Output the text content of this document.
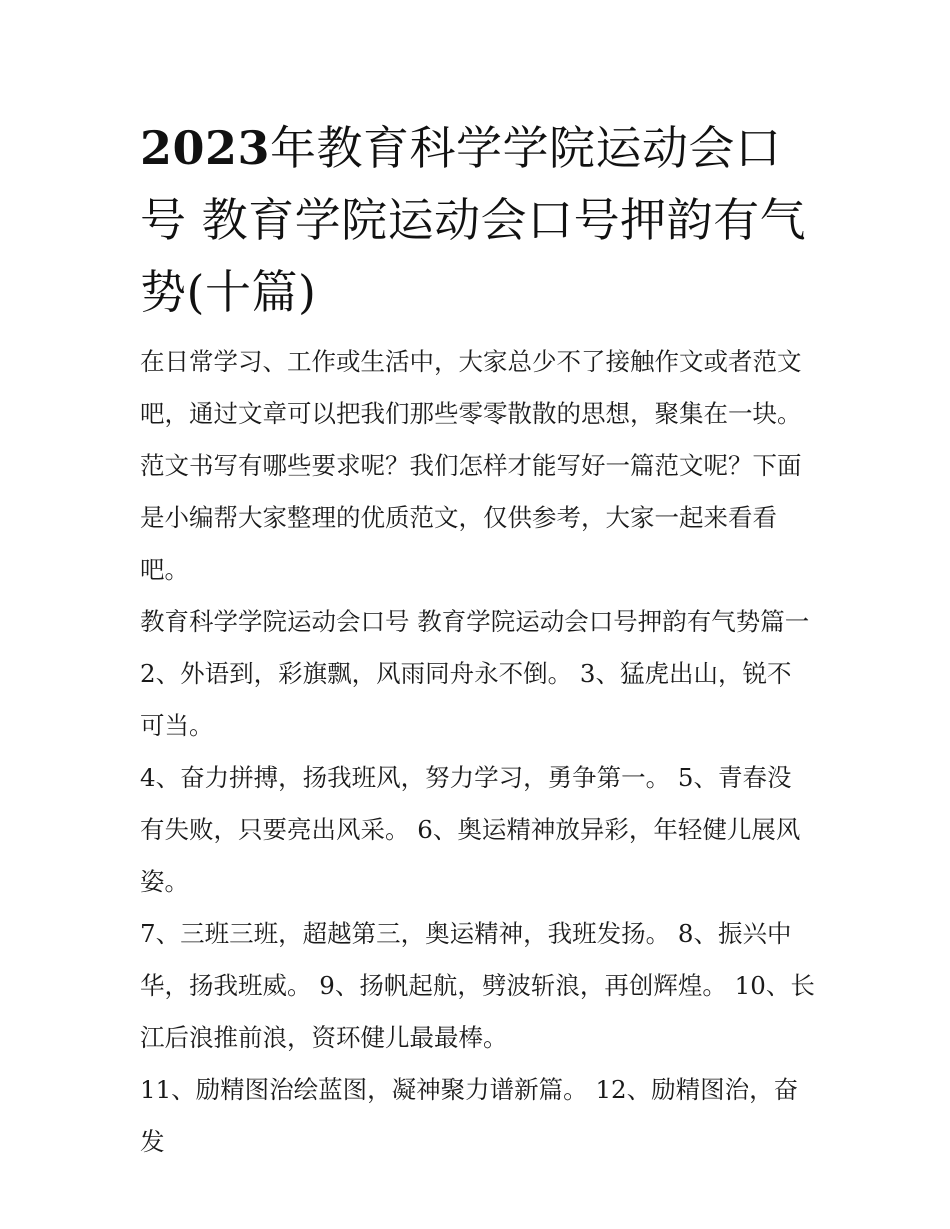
2023年教育科学学院运动会口号 教育学院运动会口号押韵有气势(十篇)

在日常学习、工作或生活中，大家总少不了接触作文或者范文吧，通过文章可以把我们那些零零散散的思想，聚集在一块。范文书写有哪些要求呢？我们怎样才能写好一篇范文呢？下面是小编帮大家整理的优质范文，仅供参考，大家一起来看看吧。

教育科学学院运动会口号 教育学院运动会口号押韵有气势篇一 2、外语到，彩旗飘，风雨同舟永不倒。 3、猛虎出山，锐不可当。

4、奋力拼搏，扬我班风，努力学习，勇争第一。 5、青春没有失败，只要亮出风采。 6、奥运精神放异彩，年轻健儿展风姿。

7、三班三班，超越第三，奥运精神，我班发扬。 8、振兴中华，扬我班威。 9、扬帆起航，劈波斩浪，再创辉煌。 10、长江后浪推前浪，资环健儿最最棒。

11、励精图治绘蓝图，凝神聚力谱新篇。 12、励精图治，奋发
